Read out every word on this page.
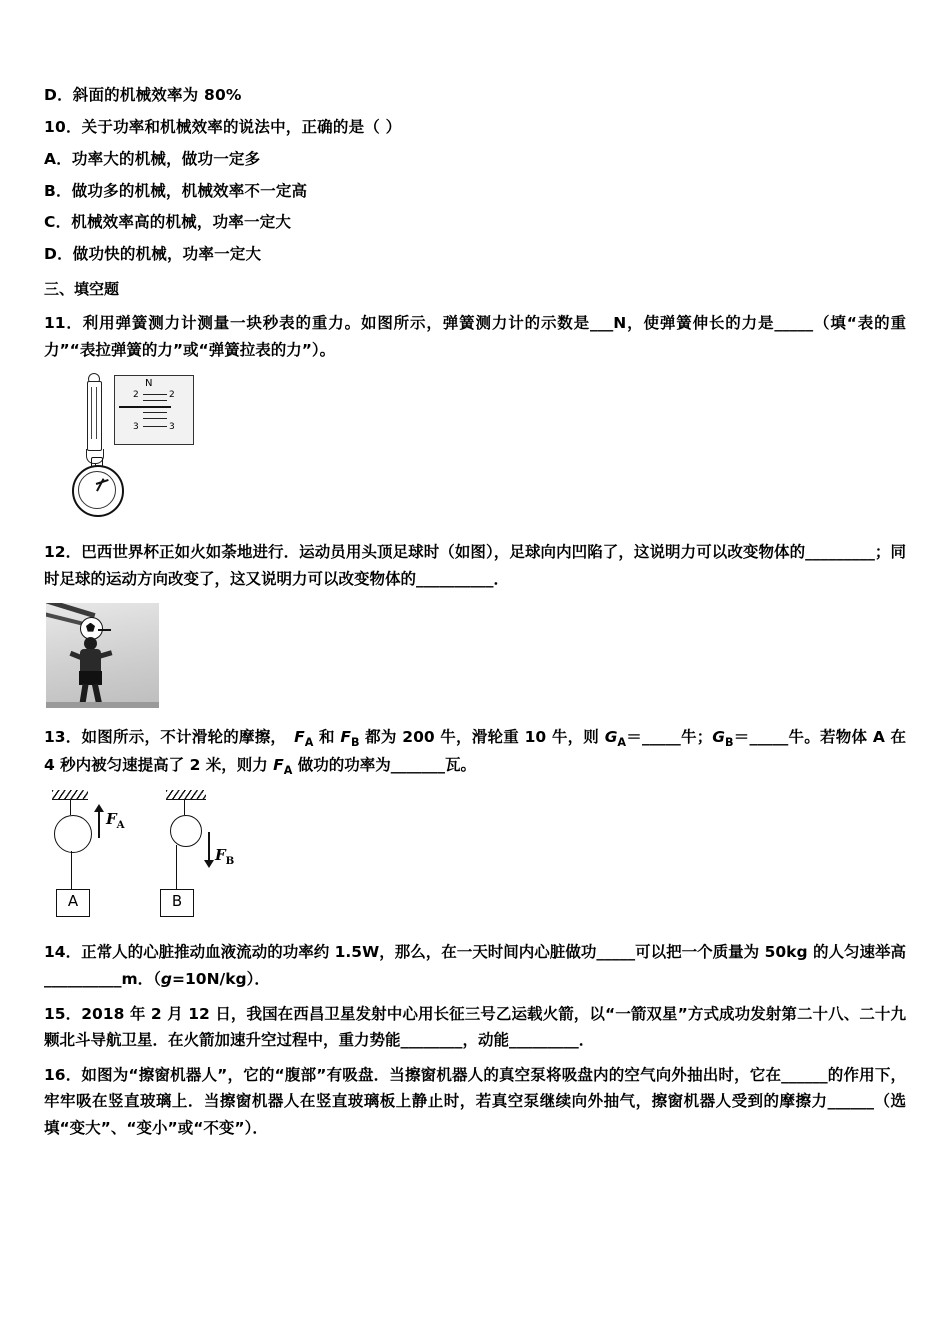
D．斜面的机械效率为 80%
10．关于功率和机械效率的说法中，正确的是（ ）
A．功率大的机械，做功一定多
B．做功多的机械，机械效率不一定高
C．机械效率高的机械，功率一定大
D．做功快的机械，功率一定大
三、填空题
11．利用弹簧测力计测量一块秒表的重力。如图所示，弹簧测力计的示数是___N，使弹簧伸长的力是_____（填“表的重力”“表拉弹簧的力”或“弹簧拉表的力”）。
N
2	2
3	3
12．巴西世界杯正如火如荼地进行．运动员用头顶足球时（如图），足球向内凹陷了，这说明力可以改变物体的_________；同时足球的运动方向改变了，这又说明力可以改变物体的__________．
13．如图所示，不计滑轮的摩擦，　$F_A$ 和 $F_B$ 都为 200 牛，滑轮重 10 牛，则 $G_A=\_\_\_\_\_$牛；$G_B=\_\_\_\_\_$牛。若物体 A 在 4 秒内被匀速提高了 2 米，则力 $F_A$ 做功的功率为_______瓦。
$F_A$
A
$F_B$
B
14．正常人的心脏推动血液流动的功率约 1.5W，那么，在一天时间内心脏做功_____可以把一个质量为 50kg 的人匀速举高__________m．（g=10N/kg）．
15．2018 年 2 月 12 日，我国在西昌卫星发射中心用长征三号乙运载火箭，以“一箭双星”方式成功发射第二十八、二十九颗北斗导航卫星．在火箭加速升空过程中，重力势能________，动能_________．
16．如图为“擦窗机器人”，它的“腹部”有吸盘．当擦窗机器人的真空泵将吸盘内的空气向外抽出时，它在______的作用下，牢牢吸在竖直玻璃上．当擦窗机器人在竖直玻璃板上静止时，若真空泵继续向外抽气，擦窗机器人受到的摩擦力______（选填“变大”、“变小”或“不变”）．
